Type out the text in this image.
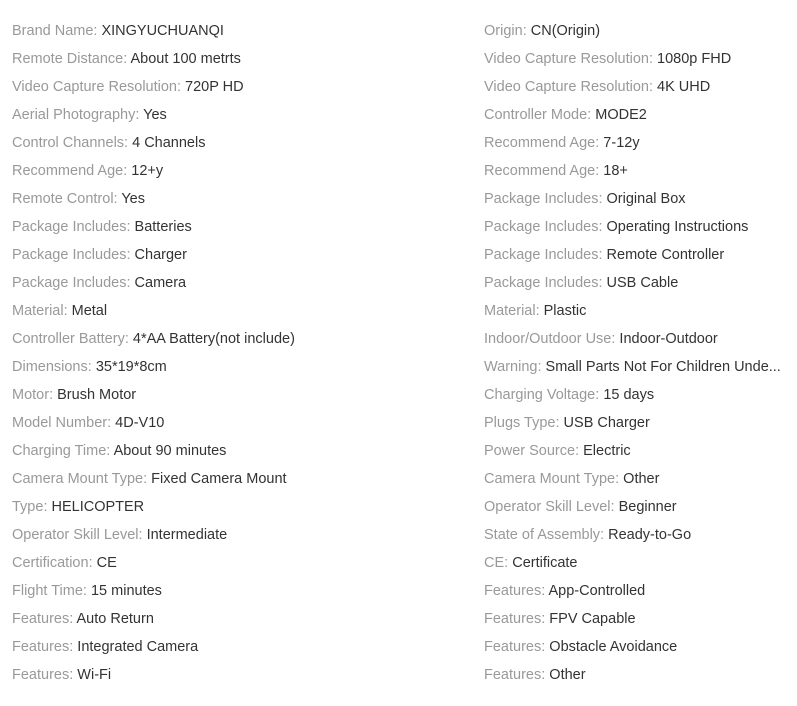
Brand Name: XINGYUCHUANQI
Remote Distance: About 100 metrts
Video Capture Resolution: 720P HD
Aerial Photography: Yes
Control Channels: 4 Channels
Recommend Age: 12+y
Remote Control: Yes
Package Includes: Batteries
Package Includes: Charger
Package Includes: Camera
Material: Metal
Controller Battery: 4*AA Battery(not include)
Dimensions: 35*19*8cm
Motor: Brush Motor
Model Number: 4D-V10
Charging Time: About 90 minutes
Camera Mount Type: Fixed Camera Mount
Type: HELICOPTER
Operator Skill Level: Intermediate
Certification: CE
Flight Time: 15 minutes
Features: Auto Return
Features: Integrated Camera
Features: Wi-Fi
Origin: CN(Origin)
Video Capture Resolution: 1080p FHD
Video Capture Resolution: 4K UHD
Controller Mode: MODE2
Recommend Age: 7-12y
Recommend Age: 18+
Package Includes: Original Box
Package Includes: Operating Instructions
Package Includes: Remote Controller
Package Includes: USB Cable
Material: Plastic
Indoor/Outdoor Use: Indoor-Outdoor
Warning: Small Parts Not For Children Unde...
Charging Voltage: 15 days
Plugs Type: USB Charger
Power Source: Electric
Camera Mount Type: Other
Operator Skill Level: Beginner
State of Assembly: Ready-to-Go
CE: Certificate
Features: App-Controlled
Features: FPV Capable
Features: Obstacle Avoidance
Features: Other
